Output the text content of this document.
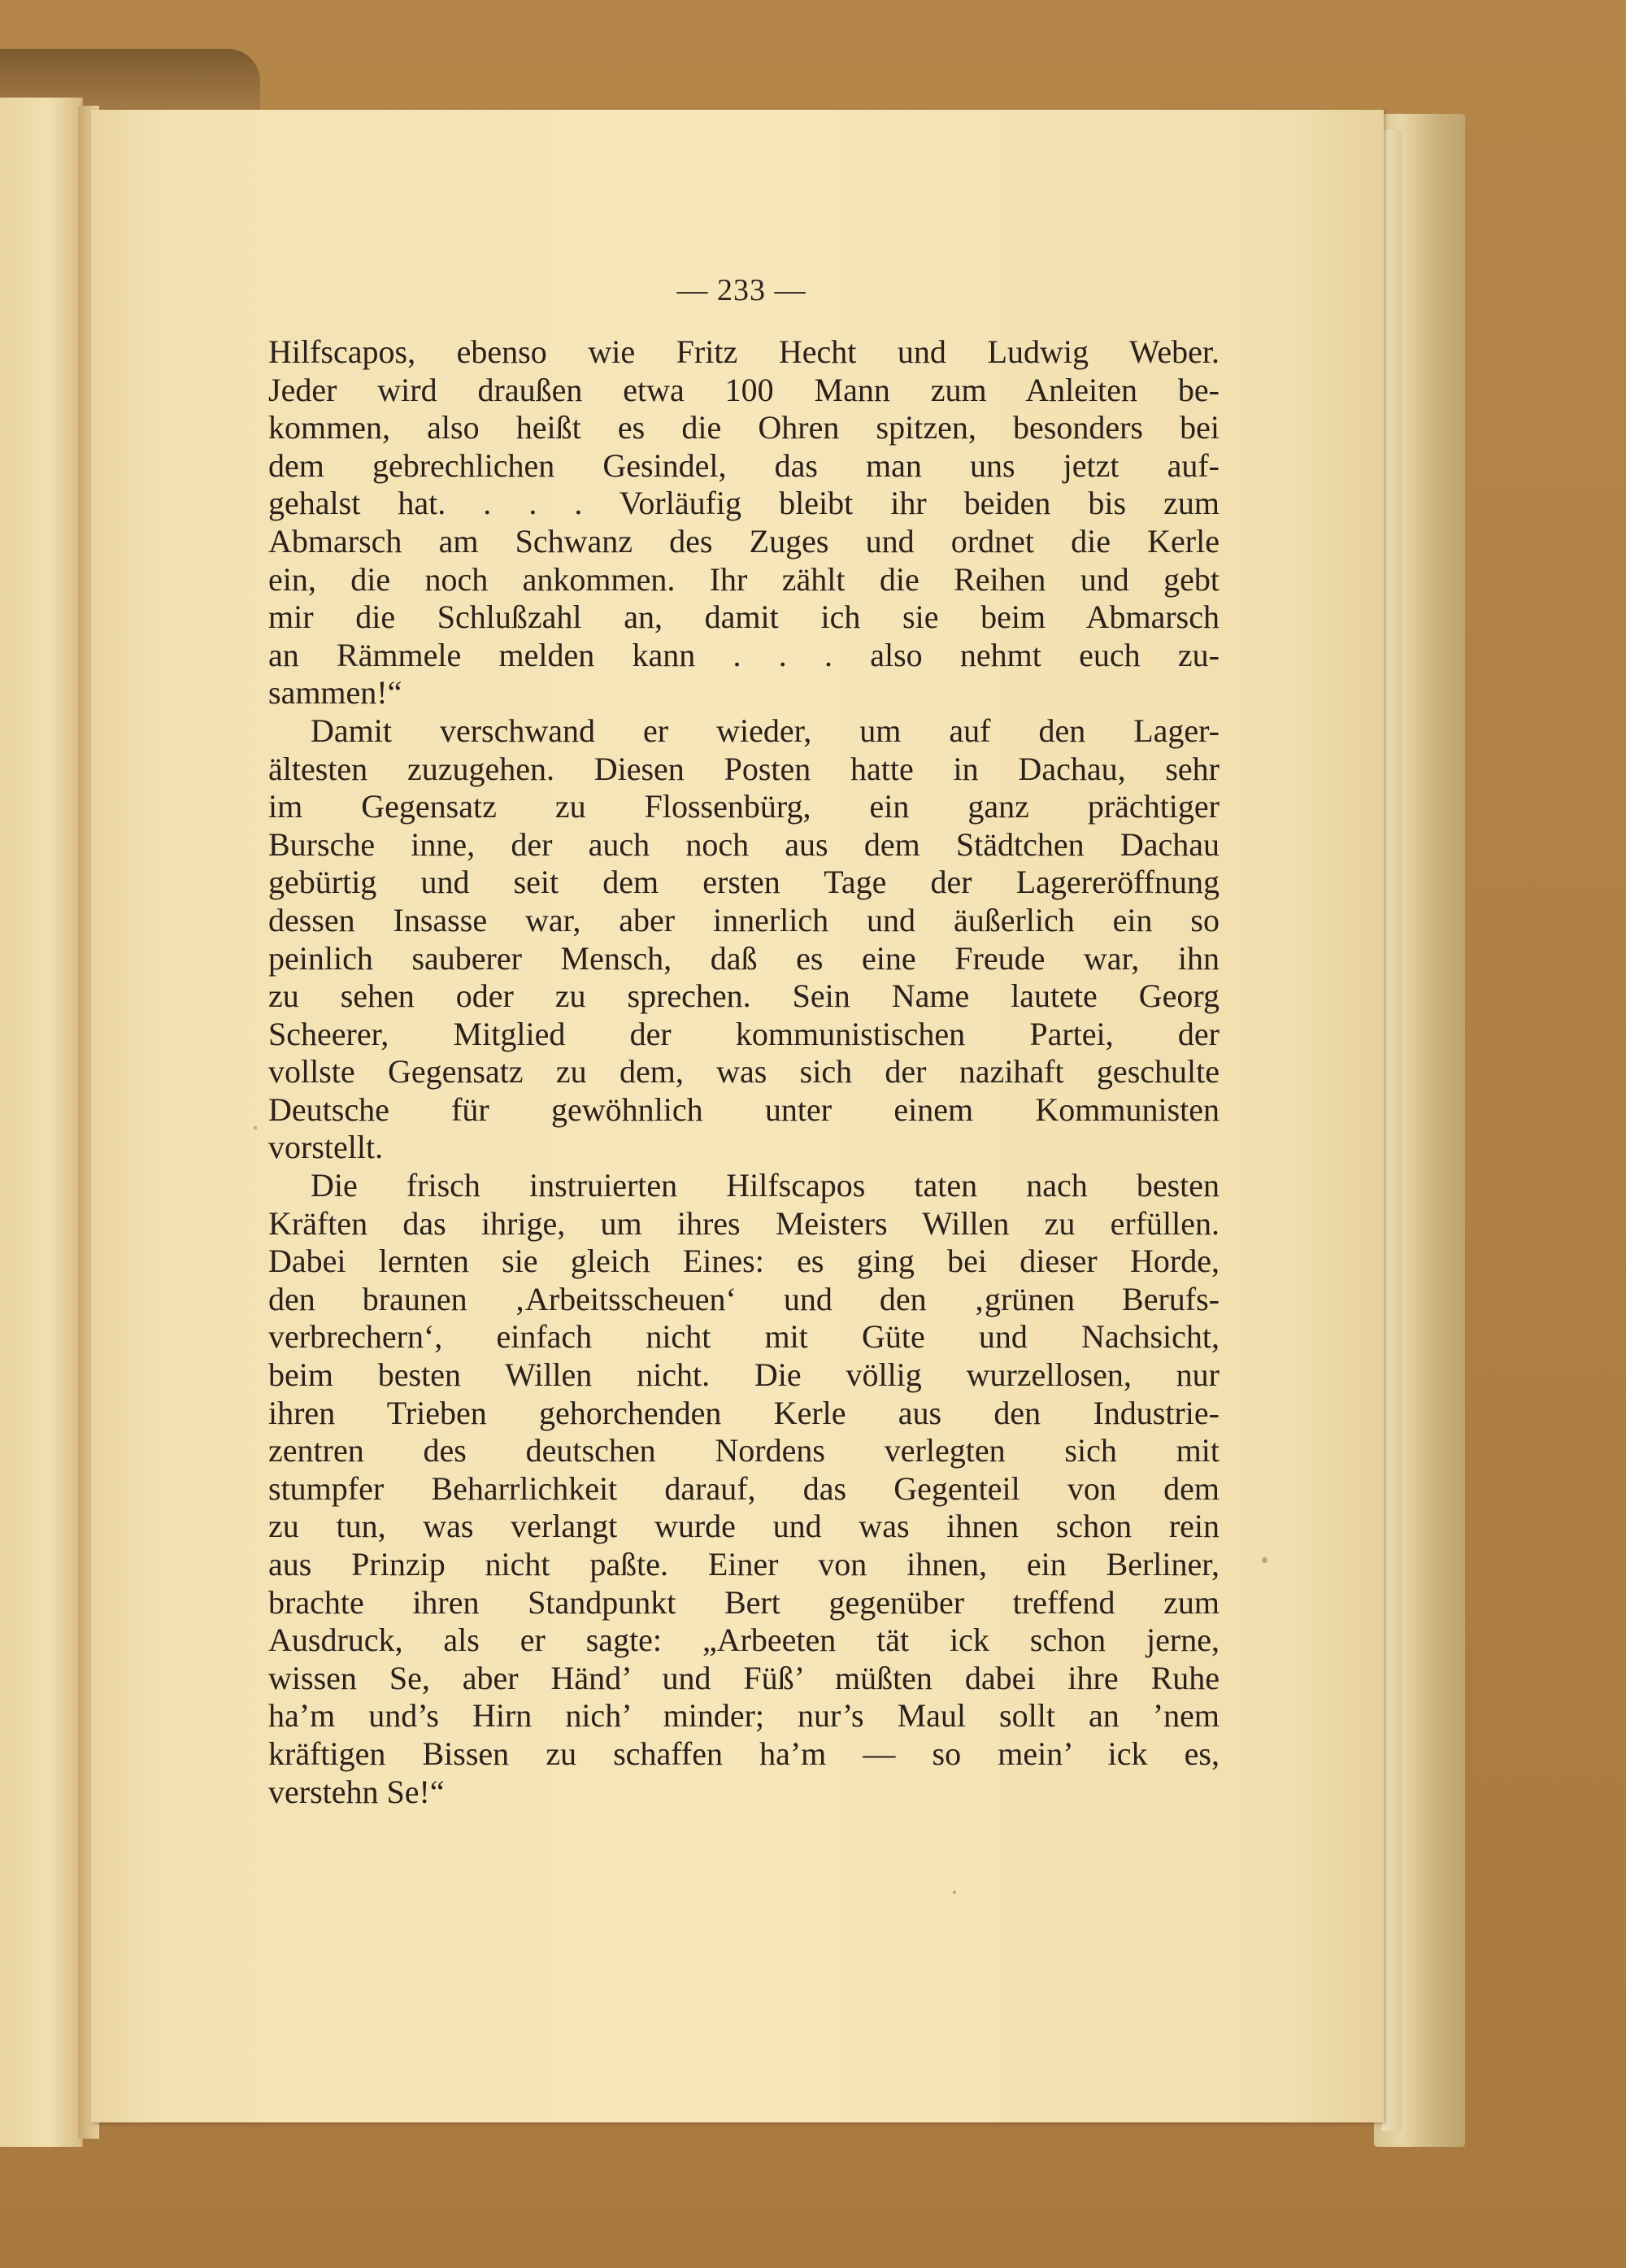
— 233 —
Hilfscapos, ebenso wie Fritz Hecht und Ludwig Weber.
Jeder wird draußen etwa 100 Mann zum Anleiten be-
kommen, also heißt es die Ohren spitzen, besonders bei
dem gebrechlichen Gesindel, das man uns jetzt auf-
gehalst hat. . . . Vorläufig bleibt ihr beiden bis zum
Abmarsch am Schwanz des Zuges und ordnet die Kerle
ein, die noch ankommen. Ihr zählt die Reihen und gebt
mir die Schlußzahl an, damit ich sie beim Abmarsch
an Rämmele melden kann . . . also nehmt euch zu-
sammen!“
Damit verschwand er wieder, um auf den Lager-
ältesten zuzugehen. Diesen Posten hatte in Dachau, sehr
im Gegensatz zu Flossenbürg, ein ganz prächtiger
Bursche inne, der auch noch aus dem Städtchen Dachau
gebürtig und seit dem ersten Tage der Lagereröffnung
dessen Insasse war, aber innerlich und äußerlich ein so
peinlich sauberer Mensch, daß es eine Freude war, ihn
zu sehen oder zu sprechen. Sein Name lautete Georg
Scheerer, Mitglied der kommunistischen Partei, der
vollste Gegensatz zu dem, was sich der nazihaft geschulte
Deutsche für gewöhnlich unter einem Kommunisten
vorstellt.
Die frisch instruierten Hilfscapos taten nach besten
Kräften das ihrige, um ihres Meisters Willen zu erfüllen.
Dabei lernten sie gleich Eines: es ging bei dieser Horde,
den braunen ‚Arbeitsscheuen‘ und den ‚grünen Berufs-
verbrechern‘, einfach nicht mit Güte und Nachsicht,
beim besten Willen nicht. Die völlig wurzellosen, nur
ihren Trieben gehorchenden Kerle aus den Industrie-
zentren des deutschen Nordens verlegten sich mit
stumpfer Beharrlichkeit darauf, das Gegenteil von dem
zu tun, was verlangt wurde und was ihnen schon rein
aus Prinzip nicht paßte. Einer von ihnen, ein Berliner,
brachte ihren Standpunkt Bert gegenüber treffend zum
Ausdruck, als er sagte: „Arbeeten tät ick schon jerne,
wissen Se, aber Händ’ und Füß’ müßten dabei ihre Ruhe
ha’m und’s Hirn nich’ minder; nur’s Maul sollt an ’nem
kräftigen Bissen zu schaffen ha’m — so mein’ ick es,
verstehn Se!“
